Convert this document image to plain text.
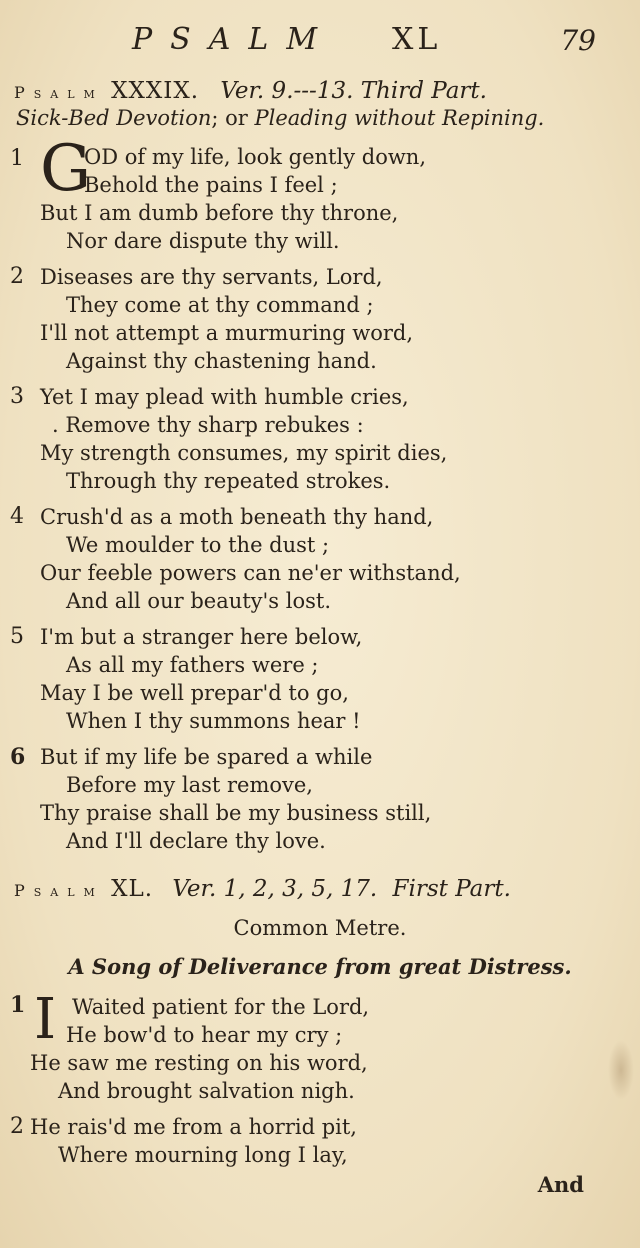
PSALM XL	79
Psalm XXXIX. Ver. 9.---13. Third Part.
Sick-Bed Devotion; or Pleading without Repining.
1 G
OD of my life, look gently down,
Behold the pains I feel ;
But I am dumb before thy throne,
Nor dare dispute thy will.
2 Diseases are thy servants, Lord,
They come at thy command ;
I'll not attempt a murmuring word,
Against thy chastening hand.
3 Yet I may plead with humble cries,
. Remove thy sharp rebukes :
My strength consumes, my spirit dies,
Through thy repeated strokes.
4 Crush'd as a moth beneath thy hand,
We moulder to the dust ;
Our feeble powers can ne'er withstand,
And all our beauty's lost.
5 I'm but a stranger here below,
As all my fathers were ;
May I be well prepar'd to go,
When I thy summons hear !
6 But if my life be spared a while
Before my last remove,
Thy praise shall be my business still,
And I'll declare thy love.
Psalm XL. Ver. 1, 2, 3, 5, 17. First Part.
Common Metre.
A Song of Deliverance from great Distress.
1 I Waited patient for the Lord,
He bow'd to hear my cry ;
He saw me resting on his word,
And brought salvation nigh.
2 He rais'd me from a horrid pit,
Where mourning long I lay,
And
